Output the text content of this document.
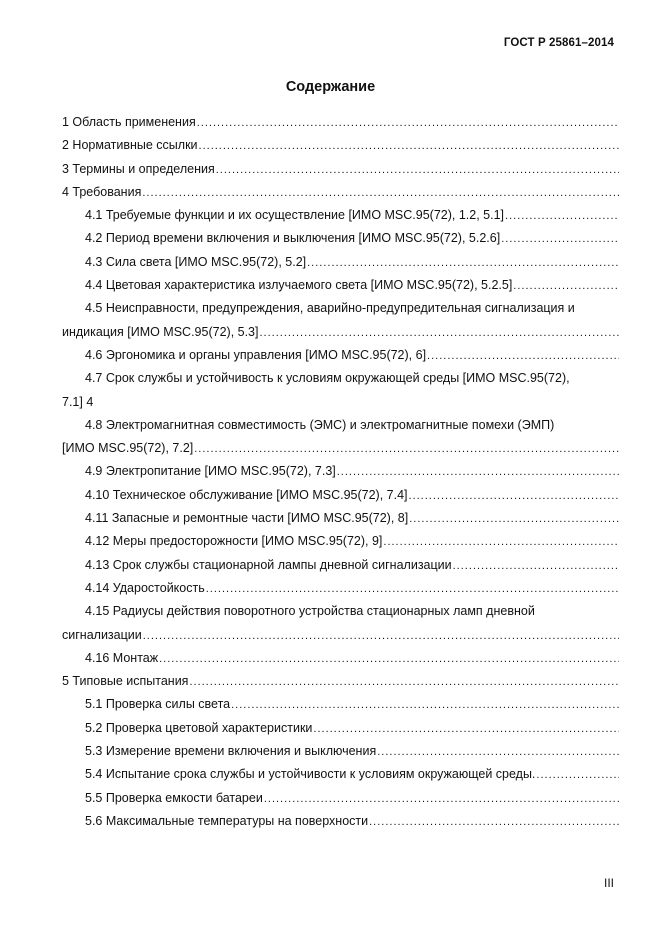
ГОСТ Р 25861–2014
Содержание
1 Область применения
.....
2 Нормативные ссылки
.....
3 Термины и определения
.....
4 Требования
.....
4.1 Требуемые функции и их осуществление [ИМО MSC.95(72), 1.2, 5.1]
.....
4.2 Период времени включения и выключения [ИМО MSC.95(72), 5.2.6]
.....
4.3 Сила света [ИМО MSC.95(72), 5.2]
.....
4.4 Цветовая характеристика излучаемого света [ИМО MSC.95(72), 5.2.5]
.....
4.5 Неисправности, предупреждения, аварийно-предупредительная сигнализация и
индикация [ИМО MSC.95(72), 5.3]
.....
4.6 Эргономика и органы управления [ИМО MSC.95(72), 6]
.....
4.7 Срок службы и устойчивость к условиям окружающей среды [ИМО MSC.95(72),
7.1] 4
4.8 Электромагнитная совместимость (ЭМС) и электромагнитные помехи (ЭМП)
[ИМО MSC.95(72), 7.2]
.....
4.9 Электропитание [ИМО MSC.95(72), 7.3]
.....
4.10 Техническое обслуживание [ИМО MSC.95(72), 7.4]
.....
4.11 Запасные и ремонтные части [ИМО MSC.95(72), 8]
.....
4.12 Меры предосторожности [ИМО MSC.95(72), 9]
.....
4.13 Срок службы стационарной лампы дневной сигнализации
.....
4.14 Ударостойкость
.....
4.15 Радиусы действия поворотного устройства стационарных ламп дневной
сигнализации
.....
4.16 Монтаж
.....
5 Типовые испытания
.....
5.1 Проверка силы света
.....
5.2 Проверка цветовой характеристики
.....
5.3 Измерение времени включения и выключения
.....
5.4 Испытание срока службы и устойчивости к условиям окружающей среды.
.....
5.5 Проверка емкости батареи
.....
5.6 Максимальные температуры на поверхности
.....
III
